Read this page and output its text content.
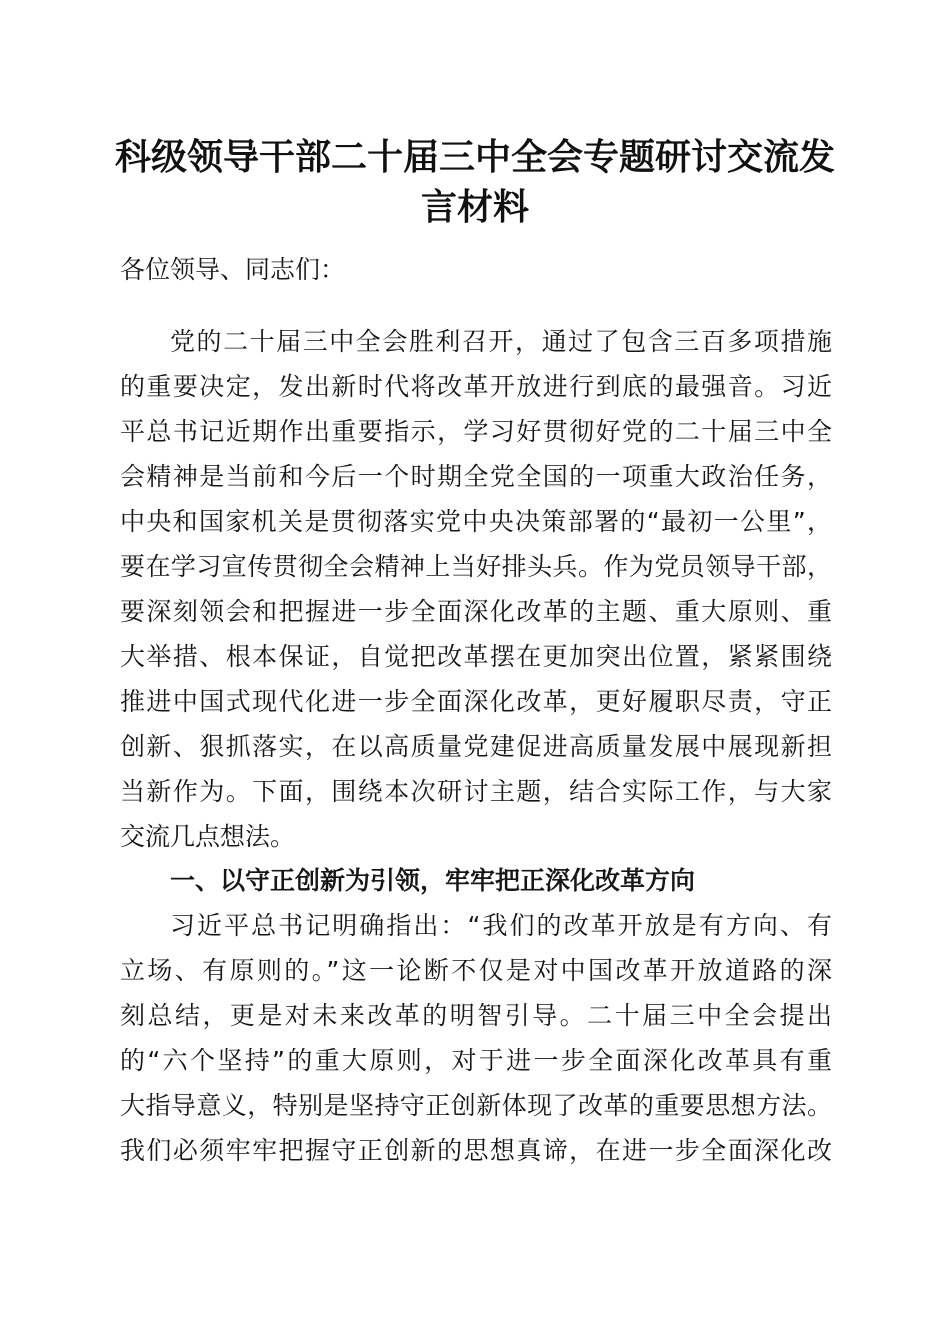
科级领导干部二十届三中全会专题研讨交流发言材料

各位领导、同志们：

党的二十届三中全会胜利召开，通过了包含三百多项措施

的重要决定，发出新时代将改革开放进行到底的最强音。习近

平总书记近期作出重要指示，学习好贯彻好党的二十届三中全

会精神是当前和今后一个时期全党全国的一项重大政治任务，

中央和国家机关是贯彻落实党中央决策部署的“最初一公里”，

要在学习宣传贯彻全会精神上当好排头兵。作为党员领导干部，

要深刻领会和把握进一步全面深化改革的主题、重大原则、重

大举措、根本保证，自觉把改革摆在更加突出位置，紧紧围绕

推进中国式现代化进一步全面深化改革，更好履职尽责，守正

创新、狠抓落实，在以高质量党建促进高质量发展中展现新担

当新作为。下面，围绕本次研讨主题，结合实际工作，与大家

交流几点想法。

一、以守正创新为引领，牢牢把正深化改革方向

习近平总书记明确指出：“我们的改革开放是有方向、有

立场、有原则的。”这一论断不仅是对中国改革开放道路的深

刻总结，更是对未来改革的明智引导。二十届三中全会提出

的“六个坚持”的重大原则，对于进一步全面深化改革具有重

大指导意义，特别是坚持守正创新体现了改革的重要思想方法。

我们必须牢牢把握守正创新的思想真谛，在进一步全面深化改
